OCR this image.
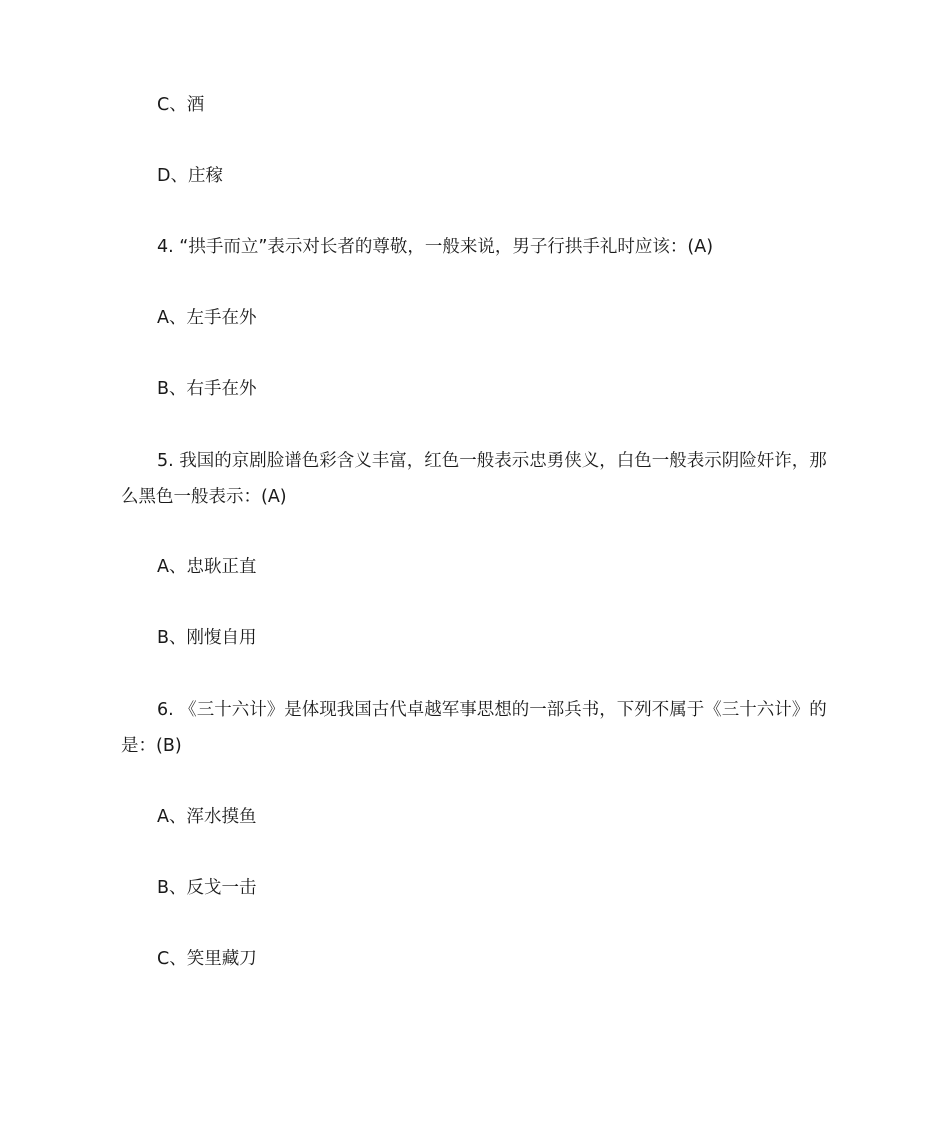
C、酒
D、庄稼
4. “拱手而立”表示对长者的尊敬，一般来说，男子行拱手礼时应该：(A)
A、左手在外
B、右手在外
5. 我国的京剧脸谱色彩含义丰富，红色一般表示忠勇侠义，白色一般表示阴险奸诈，那么黑色一般表示：(A)
A、忠耿正直
B、刚愎自用
6. 《三十六计》是体现我国古代卓越军事思想的一部兵书，下列不属于《三十六计》的是：(B)
A、浑水摸鱼
B、反戈一击
C、笑里藏刀
